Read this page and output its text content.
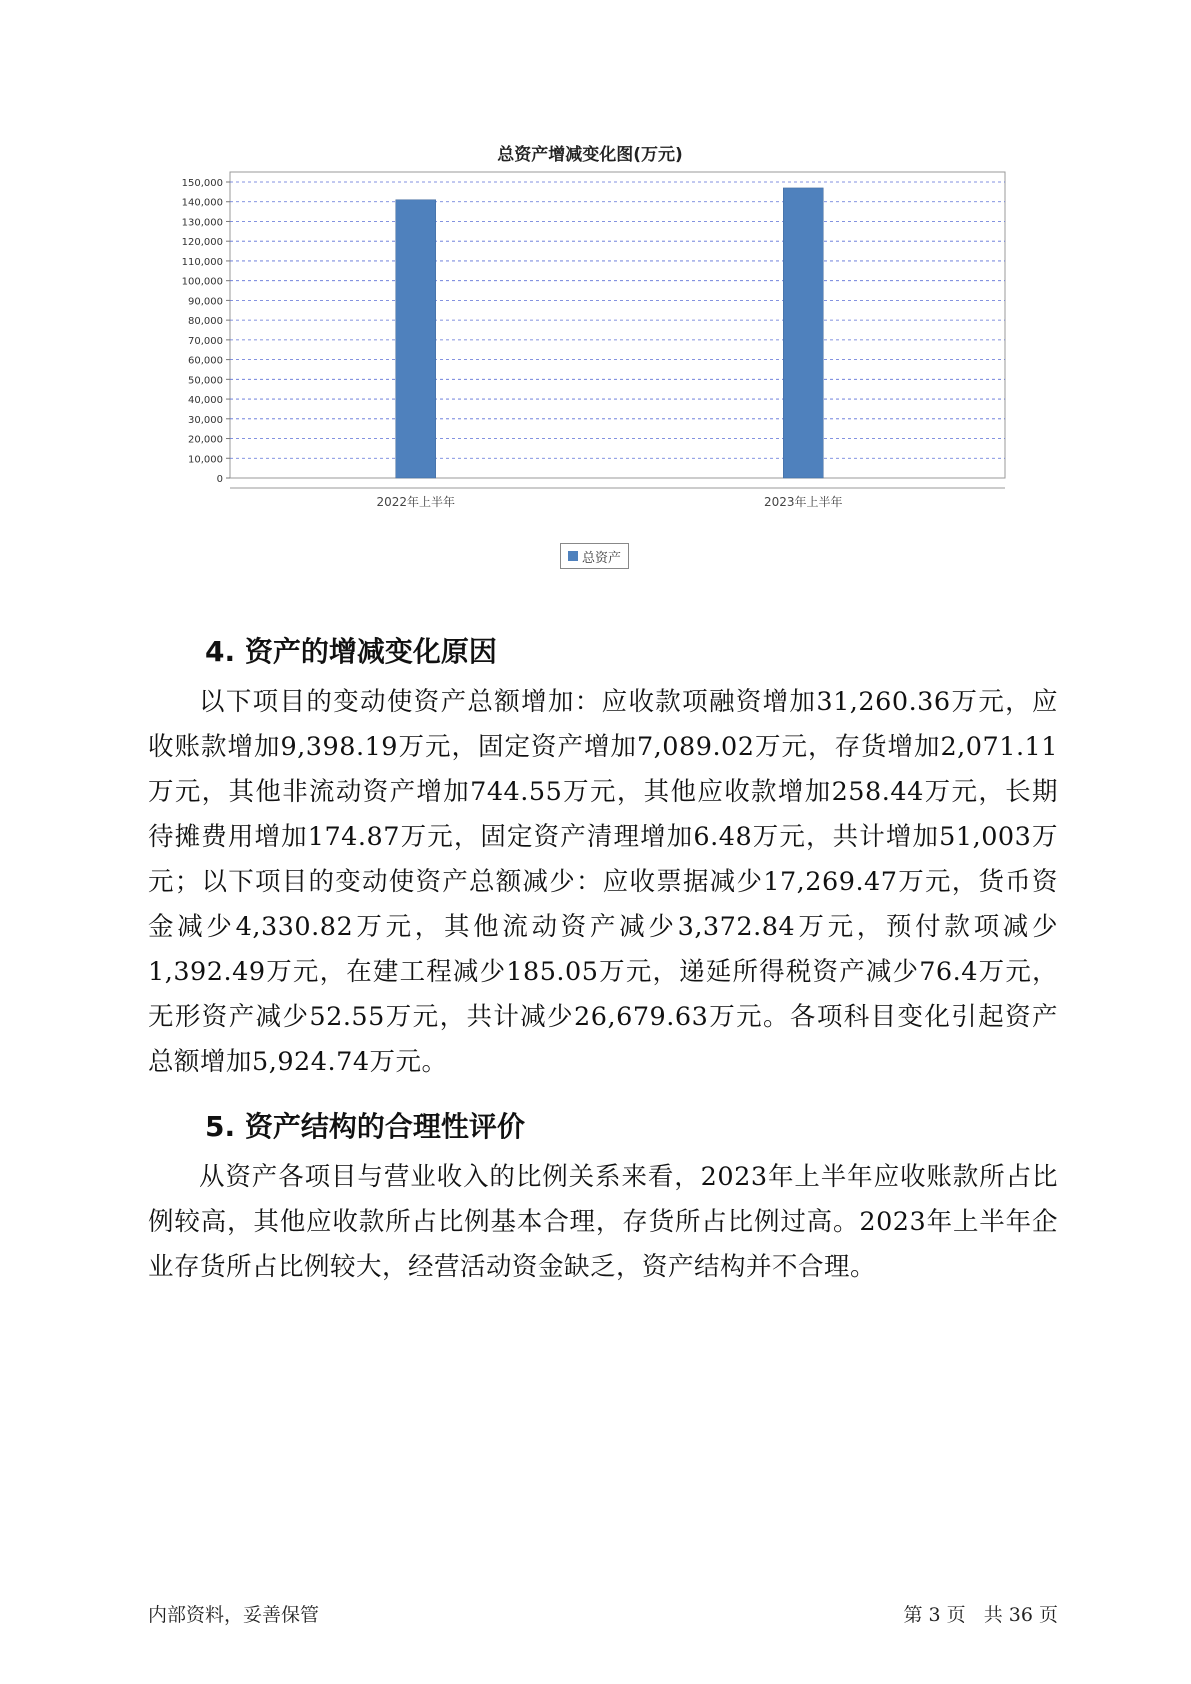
0
10,000
20,000
30,000
40,000
50,000
60,000
70,000
80,000
90,000
100,000
110,000
120,000
130,000
140,000
150,000
2022年上半年	2023年上半年
总资产增减变化图(万元)
总资产
4. 资产的增减变化原因

以下项目的变动使资产总额增加：应收款项融资增加31,260.36万元，应收账款增加9,398.19万元，固定资产增加7,089.02万元，存货增加2,071.11万元，其他非流动资产增加744.55万元，其他应收款增加258.44万元，长期待摊费用增加174.87万元，固定资产清理增加6.48万元，共计增加51,003万元；以下项目的变动使资产总额减少：应收票据减少17,269.47万元，货币资金减少4,330.82万元，其他流动资产减少3,372.84万元，预付款项减少1,392.49万元，在建工程减少185.05万元，递延所得税资产减少76.4万元，无形资产减少52.55万元，共计减少26,679.63万元。各项科目变化引起资产总额增加5,924.74万元。

5. 资产结构的合理性评价

从资产各项目与营业收入的比例关系来看，2023年上半年应收账款所占比例较高，其他应收款所占比例基本合理，存货所占比例过高。2023年上半年企业存货所占比例较大，经营活动资金缺乏，资产结构并不合理。

内部资料，妥善保管	第 3 页   共 36 页
